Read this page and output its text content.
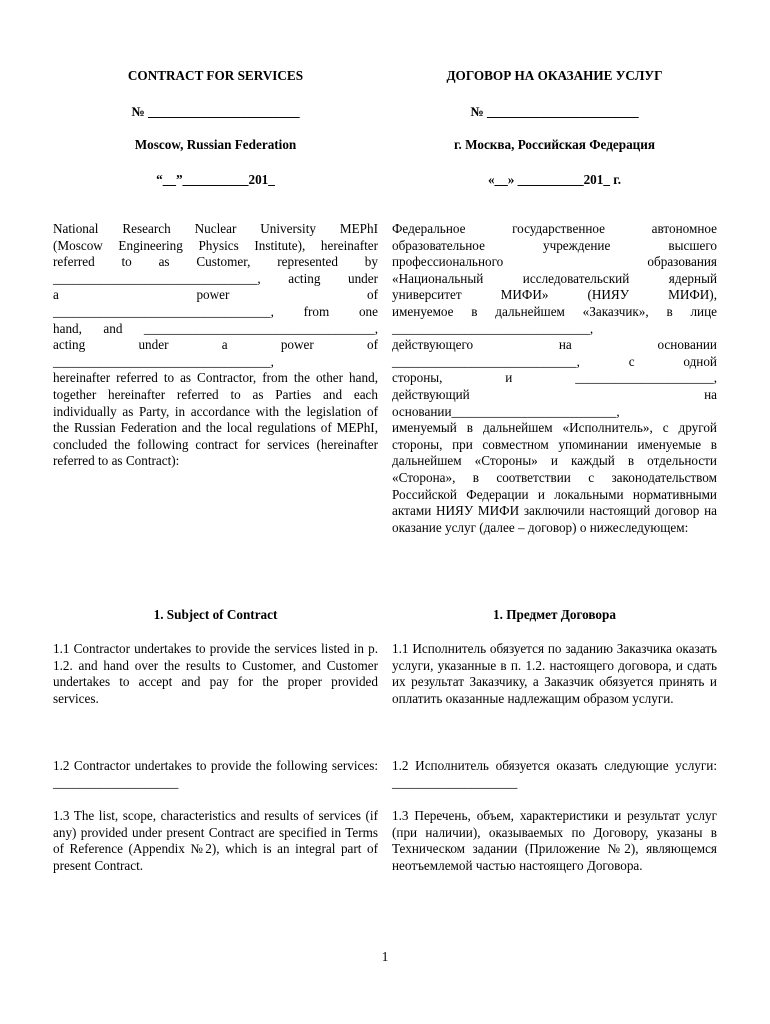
CONTRACT FOR SERVICES
№ _______________________
Moscow, Russian Federation
“__”__________201_

National Research Nuclear University MEPhI

(Moscow Engineering Physics Institute), hereinafter

referred to as Customer, represented by

_______________________________, acting under

a power of

_________________________________, from one

hand, and ___________________________________,

acting under a power of

_________________________________,

hereinafter referred to as Contractor, from the other hand, together hereinafter referred to as Parties and each individually as Party, in accordance with the legislation of the Russian Federation and the local regulations of MEPhI, concluded the following contract for services (hereinafter referred to as Contract):

1. Subject of Contract

1.1 Contractor undertakes to provide the services listed in p. 1.2. and hand over the results to Customer, and Customer undertakes to accept and pay for the proper provided services.

1.2 Contractor undertakes to provide the following services: ___________________

1.3 The list, scope, characteristics and results of services (if any) provided under present Contract are specified in Terms of Reference (Appendix №2), which is an integral part of present Contract.

ДОГОВОР НА ОКАЗАНИЕ УСЛУГ
№ _______________________
г. Москва, Российская Федерация
«__» __________201_ г.

Федеральное государственное автономное

образовательное учреждение высшего

профессионального образования

«Национальный исследовательский ядерный

университет МИФИ» (НИЯУ МИФИ),

именуемое в дальнейшем «Заказчик», в лице

______________________________,

действующего на основании

____________________________, с одной

стороны, и _____________________,

действующий на

основании_________________________,

именуемый в дальнейшем «Исполнитель», с другой стороны, при совместном упоминании именуемые в дальнейшем «Стороны» и каждый в отдельности «Сторона», в соответствии с законодательством Российской Федерации и локальными нормативными актами НИЯУ МИФИ заключили настоящий договор на оказание услуг (далее – договор) о нижеследующем:

1. Предмет Договора

1.1 Исполнитель обязуется по заданию Заказчика оказать услуги, указанные в п. 1.2. настоящего договора, и сдать их результат Заказчику, а Заказчик обязуется принять и оплатить оказанные надлежащим образом услуги.

1.2 Исполнитель обязуется оказать следующие услуги: ___________________

1.3 Перечень, объем, характеристики и результат услуг (при наличии), оказываемых по Договору, указаны в Техническом задании (Приложение №2), являющемся неотъемлемой частью настоящего Договора.

1
